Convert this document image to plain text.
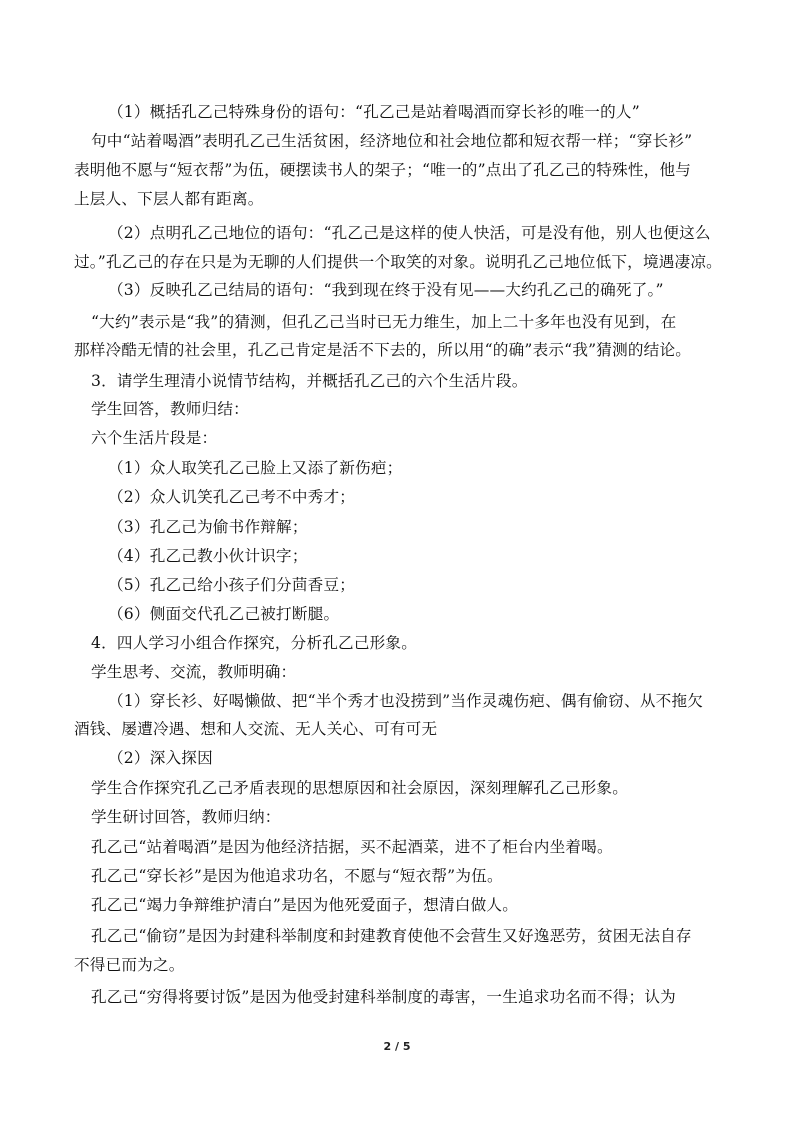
（1）概括孔乙己特殊身份的语句：“孔乙己是站着喝酒而穿长衫的唯一的人”
句中“站着喝酒”表明孔乙己生活贫困，经济地位和社会地位都和短衣帮一样；“穿长衫”
表明他不愿与“短衣帮”为伍，硬摆读书人的架子；“唯一的”点出了孔乙己的特殊性，他与
上层人、下层人都有距离。
（2）点明孔乙己地位的语句：“孔乙己是这样的使人快活，可是没有他，别人也便这么
过。”孔乙己的存在只是为无聊的人们提供一个取笑的对象。说明孔乙己地位低下，境遇凄凉。
（3）反映孔乙己结局的语句：“我到现在终于没有见——大约孔乙己的确死了。”
“大约”表示是“我”的猜测，但孔乙己当时已无力维生，加上二十多年也没有见到，在
那样冷酷无情的社会里，孔乙己肯定是活不下去的，所以用“的确”表示“我”猜测的结论。
3．请学生理清小说情节结构，并概括孔乙己的六个生活片段。
学生回答，教师归结：
六个生活片段是：
（1）众人取笑孔乙己脸上又添了新伤疤；
（2）众人讥笑孔乙己考不中秀才；
（3）孔乙己为偷书作辩解；
（4）孔乙己教小伙计识字；
（5）孔乙己给小孩子们分茴香豆；
（6）侧面交代孔乙己被打断腿。
4．四人学习小组合作探究，分析孔乙己形象。
学生思考、交流，教师明确：
（1）穿长衫、好喝懒做、把“半个秀才也没捞到”当作灵魂伤疤、偶有偷窃、从不拖欠
酒钱、屡遭冷遇、想和人交流、无人关心、可有可无
（2）深入探因
学生合作探究孔乙己矛盾表现的思想原因和社会原因，深刻理解孔乙己形象。
学生研讨回答，教师归纳：
孔乙己“站着喝酒”是因为他经济拮据，买不起酒菜，进不了柜台内坐着喝。
孔乙己“穿长衫”是因为他追求功名，不愿与“短衣帮”为伍。
孔乙己“竭力争辩维护清白”是因为他死爱面子，想清白做人。
孔乙己“偷窃”是因为封建科举制度和封建教育使他不会营生又好逸恶劳，贫困无法自存
不得已而为之。
孔乙己“穷得将要讨饭”是因为他受封建科举制度的毒害，一生追求功名而不得；认为
2 / 5
